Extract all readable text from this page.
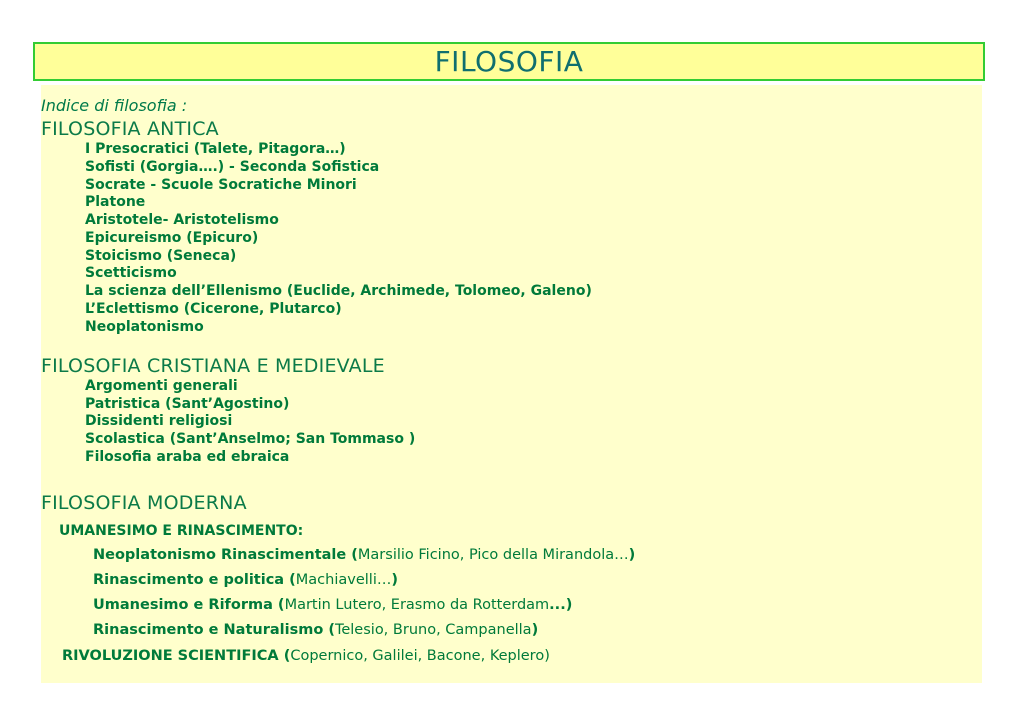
FILOSOFIA
Indice di filosofia :
FILOSOFIA ANTICA
I Presocratici (Talete, Pitagora…)
Sofisti (Gorgia….) - Seconda Sofistica
Socrate - Scuole Socratiche Minori
Platone
Aristotele- Aristotelismo
Epicureismo (Epicuro)
Stoicismo (Seneca)
Scetticismo
La scienza dell’Ellenismo (Euclide, Archimede, Tolomeo, Galeno)
L’Eclettismo (Cicerone, Plutarco)
Neoplatonismo
FILOSOFIA CRISTIANA E MEDIEVALE
Argomenti generali
Patristica (Sant’Agostino)
Dissidenti religiosi
Scolastica (Sant’Anselmo; San Tommaso )
Filosofia araba ed ebraica
FILOSOFIA MODERNA
UMANESIMO E RINASCIMENTO:
Neoplatonismo Rinascimentale (Marsilio Ficino, Pico della Mirandola…)
Rinascimento e politica (Machiavelli…)
Umanesimo e Riforma (Martin Lutero, Erasmo da Rotterdam...)
Rinascimento e Naturalismo (Telesio, Bruno, Campanella)
RIVOLUZIONE SCIENTIFICA (Copernico, Galilei, Bacone, Keplero)
